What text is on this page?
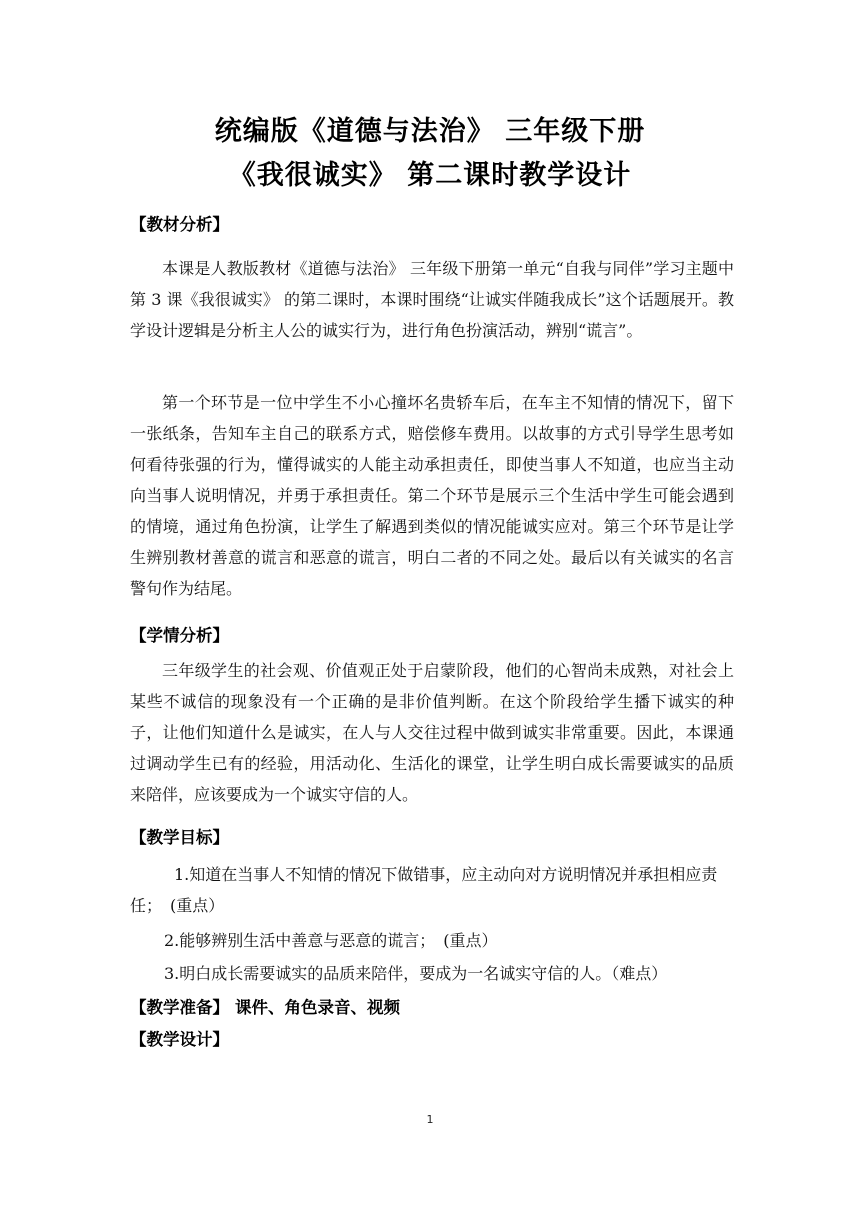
统编版《道德与法治》 三年级下册
《我很诚实》 第二课时教学设计
【教材分析】
本课是人教版教材《道德与法治》 三年级下册第一单元“自我与同伴”学习主题中第 3 课《我很诚实》 的第二课时，本课时围绕“让诚实伴随我成长”这个话题展开。教学设计逻辑是分析主人公的诚实行为，进行角色扮演活动，辨别“谎言”。
第一个环节是一位中学生不小心撞坏名贵轿车后，在车主不知情的情况下，留下一张纸条，告知车主自己的联系方式，赔偿修车费用。以故事的方式引导学生思考如何看待张强的行为，懂得诚实的人能主动承担责任，即使当事人不知道，也应当主动向当事人说明情况，并勇于承担责任。第二个环节是展示三个生活中学生可能会遇到的情境，通过角色扮演，让学生了解遇到类似的情况能诚实应对。第三个环节是让学生辨别教材善意的谎言和恶意的谎言，明白二者的不同之处。最后以有关诚实的名言警句作为结尾。
【学情分析】
三年级学生的社会观、价值观正处于启蒙阶段，他们的心智尚未成熟，对社会上某些不诚信的现象没有一个正确的是非价值判断。在这个阶段给学生播下诚实的种子，让他们知道什么是诚实，在人与人交往过程中做到诚实非常重要。因此，本课通过调动学生已有的经验，用活动化、生活化的课堂，让学生明白成长需要诚实的品质来陪伴，应该要成为一个诚实守信的人。
【教学目标】
1.知道在当事人不知情的情况下做错事，应主动向对方说明情况并承担相应责任；　(重点）
2.能够辨别生活中善意与恶意的谎言；　(重点）
3.明白成长需要诚实的品质来陪伴，要成为一名诚实守信的人。（难点）
【教学准备】 课件、角色录音、视频
【教学设计】
1
